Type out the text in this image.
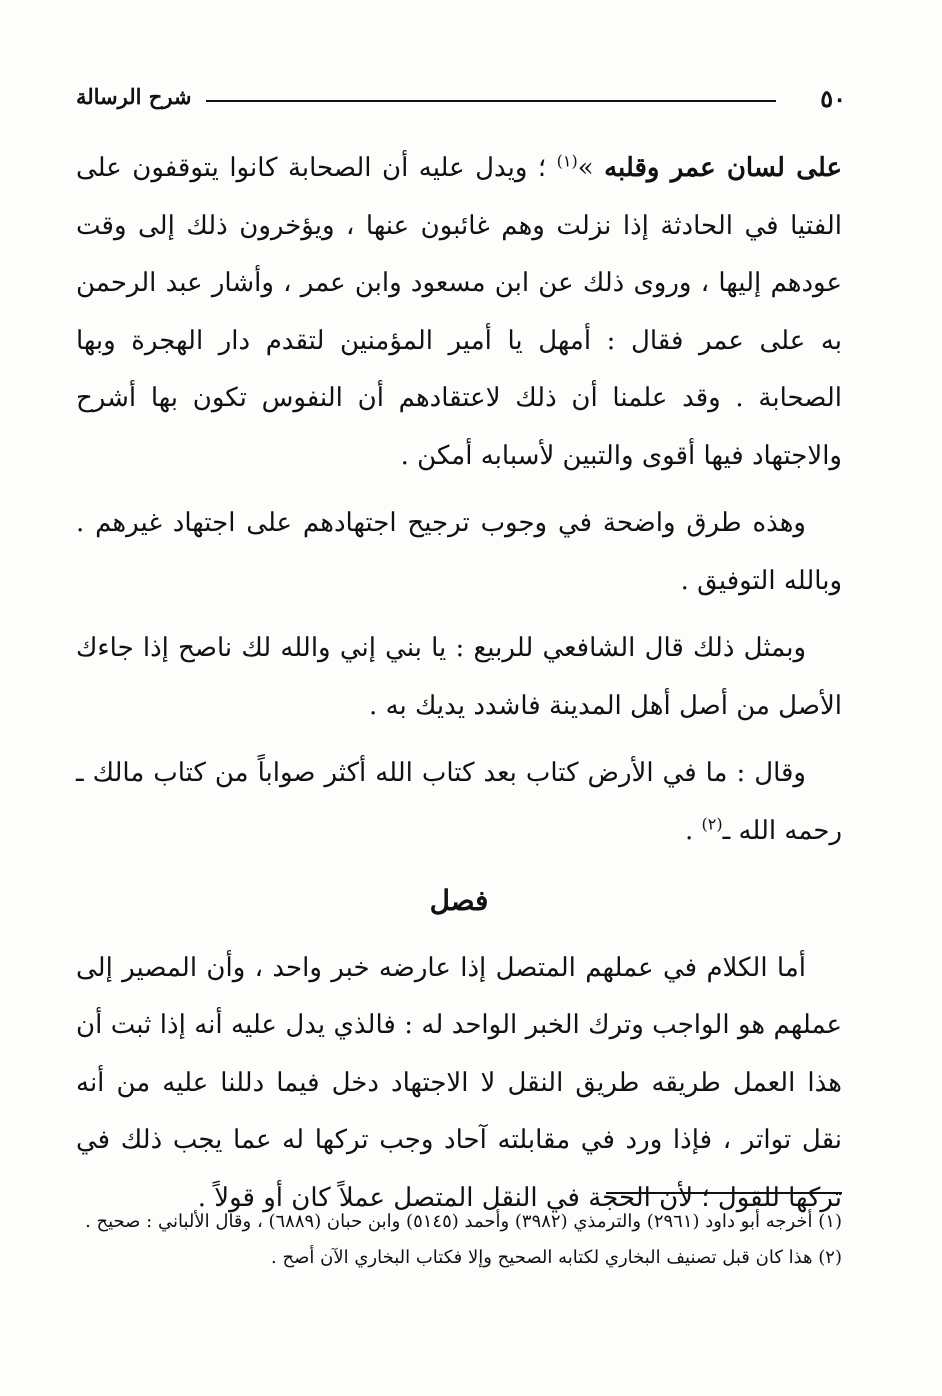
٥٠
شرح الرسالة

على لسان عمر وقلبه »$^{(١)}$ ؛ ويدل عليه أن الصحابة كانوا يتوقفون على الفتيا في الحادثة إذا نزلت وهم غائبون عنها ، ويؤخرون ذلك إلى وقت عودهم إليها ، وروى ذلك عن ابن مسعود وابن عمر ، وأشار عبد الرحمن به على عمر فقال : أمهل يا أمير المؤمنين لتقدم دار الهجرة وبها الصحابة . وقد علمنا أن ذلك لاعتقادهم أن النفوس تكون بها أشرح والاجتهاد فيها أقوى والتبين لأسبابه أمكن .

وهذه طرق واضحة في وجوب ترجيح اجتهادهم على اجتهاد غيرهم . وبالله التوفيق .

وبمثل ذلك قال الشافعي للربيع : يا بني إني والله لك ناصح إذا جاءك الأصل من أصل أهل المدينة فاشدد يديك به .

وقال : ما في الأرض كتاب بعد كتاب الله أكثر صواباً من كتاب مالك ـ رحمه الله ـ$^{(٢)}$ .

فصل

أما الكلام في عملهم المتصل إذا عارضه خبر واحد ، وأن المصير إلى عملهم هو الواجب وترك الخبر الواحد له : فالذي يدل عليه أنه إذا ثبت أن هذا العمل طريقه طريق النقل لا الاجتهاد دخل فيما دللنا عليه من أنه نقل تواتر ، فإذا ورد في مقابلته آحاد وجب تركها له عما يجب ذلك في تركها للقول ؛ لأن الحجة في النقل المتصل عملاً كان أو قولاً .

(١) أخرجه أبو داود (٢٩٦١) والترمذي (٣٩٨٢) وأحمد (٥١٤٥) وابن حبان (٦٨٨٩) ، وقال الألباني : صحيح .

(٢) هذا كان قبل تصنيف البخاري لكتابه الصحيح وإلا فكتاب البخاري الآن أصح .
